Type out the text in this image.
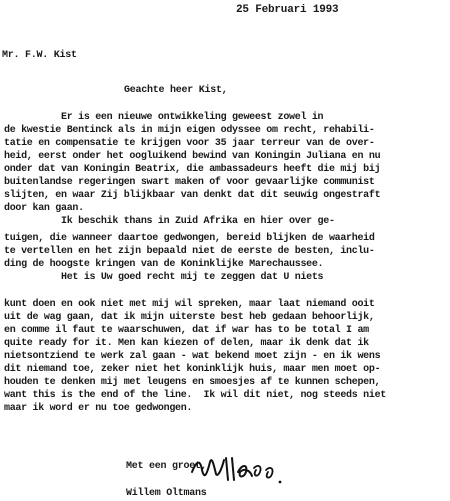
25 Februari 1993
Mr. F.W. Kist
Geachte heer Kist,
Er is een nieuwe ontwikkeling geweest zowel in
de kwestie Bentinck als in mijn eigen odyssee om recht, rehabili-
tatie en compensatie te krijgen voor 35 jaar terreur van de over-
heid, eerst onder het oogluikend bewind van Koningin Juliana en nu
onder dat van Koningin Beatrix, die ambassadeurs heeft die mij bij
buitenlandse regeringen swart maken of voor gevaarlijke communist
slijten, en waar Zij blijkbaar van denkt dat dit seuwig ongestraft
door kan gaan.
Ik beschik thans in Zuid Afrika en hier over ge-
tuigen, die wanneer daartoe gedwongen, bereid blijken de waarheid
te vertellen en het zijn bepaald niet de eerste de besten, inclu-
ding de hoogste kringen van de Koninklijke Marechaussee.
Het is Uw goed recht mij te zeggen dat U niets
kunt doen en ook niet met mij wil spreken, maar laat niemand ooit
uit de wag gaan, dat ik mijn uiterste best heb gedaan behoorlijk,
en comme il faut te waarschuwen, dat if war has to be total I am
quite ready for it. Men kan kiezen of delen, maar ik denk dat ik
nietsontziend te werk zal gaan - wat bekend moet zijn - en ik wens
dit niemand toe, zeker niet het koninklijk huis, maar men moet op-
houden te denken mij met leugens en smoesjes af te kunnen schepen,
want this is the end of the line.  Ik wil dit niet, nog steeds niet
maar ik word er nu toe gedwongen.
Met een groet,
Willem Oltmans
